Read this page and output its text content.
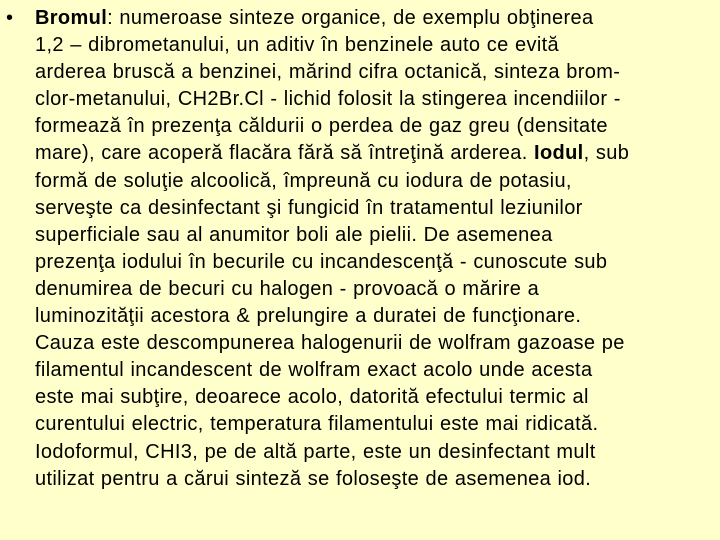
• Bromul: numeroase sinteze organice, de exemplu obţinerea
1,2 – dibrometanului, un aditiv în benzinele auto ce evită
arderea bruscă a benzinei, mărind cifra octanică, sinteza brom-
clor-metanului, CH2Br.Cl - lichid folosit la stingerea incendiilor -
formează în prezenţa căldurii o perdea de gaz greu (densitate
mare), care acoperă flacăra fără să întreţină arderea. Iodul, sub
formă de soluţie alcoolică, împreună cu iodura de potasiu,
serveşte ca desinfectant şi fungicid în tratamentul leziunilor
superficiale sau al anumitor boli ale pielii. De asemenea
prezenţa iodului în becurile cu incandescenţă - cunoscute sub
denumirea de becuri cu halogen - provoacă o mărire a
luminozităţii acestora & prelungire a duratei de funcţionare.
Cauza este descompunerea halogenurii de wolfram gazoase pe
filamentul incandescent de wolfram exact acolo unde acesta
este mai subţire, deoarece acolo, datorită efectului termic al
curentului electric, temperatura filamentului este mai ridicată.
Iodoformul, CHI3, pe de altă parte, este un desinfectant mult
utilizat pentru a cărui sinteză se foloseşte de asemenea iod.
